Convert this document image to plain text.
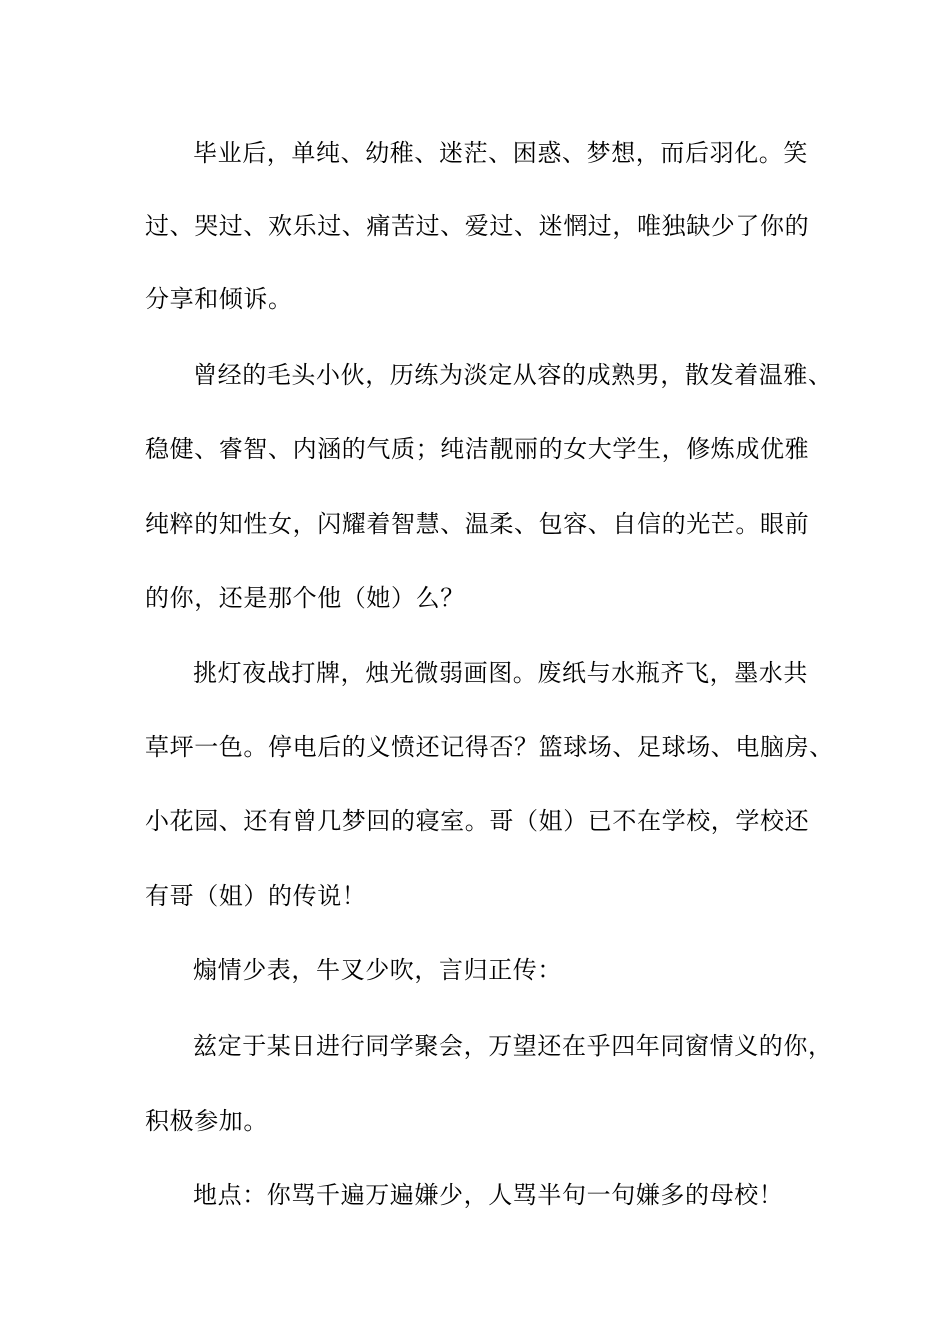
毕业后，单纯、幼稚、迷茫、困惑、梦想，而后羽化。笑

过、哭过、欢乐过、痛苦过、爱过、迷惘过，唯独缺少了你的

分享和倾诉。

曾经的毛头小伙，历练为淡定从容的成熟男，散发着温雅、

稳健、睿智、内涵的气质；纯洁靓丽的女大学生，修炼成优雅

纯粹的知性女，闪耀着智慧、温柔、包容、自信的光芒。眼前

的你，还是那个他（她）么？

挑灯夜战打牌，烛光微弱画图。废纸与水瓶齐飞，墨水共

草坪一色。停电后的义愤还记得否？篮球场、足球场、电脑房、

小花园、还有曾几梦回的寝室。哥（姐）已不在学校，学校还

有哥（姐）的传说！

煽情少表，牛叉少吹，言归正传：

兹定于某日进行同学聚会，万望还在乎四年同窗情义的你，

积极参加。

地点：你骂千遍万遍嫌少，人骂半句一句嫌多的母校！
